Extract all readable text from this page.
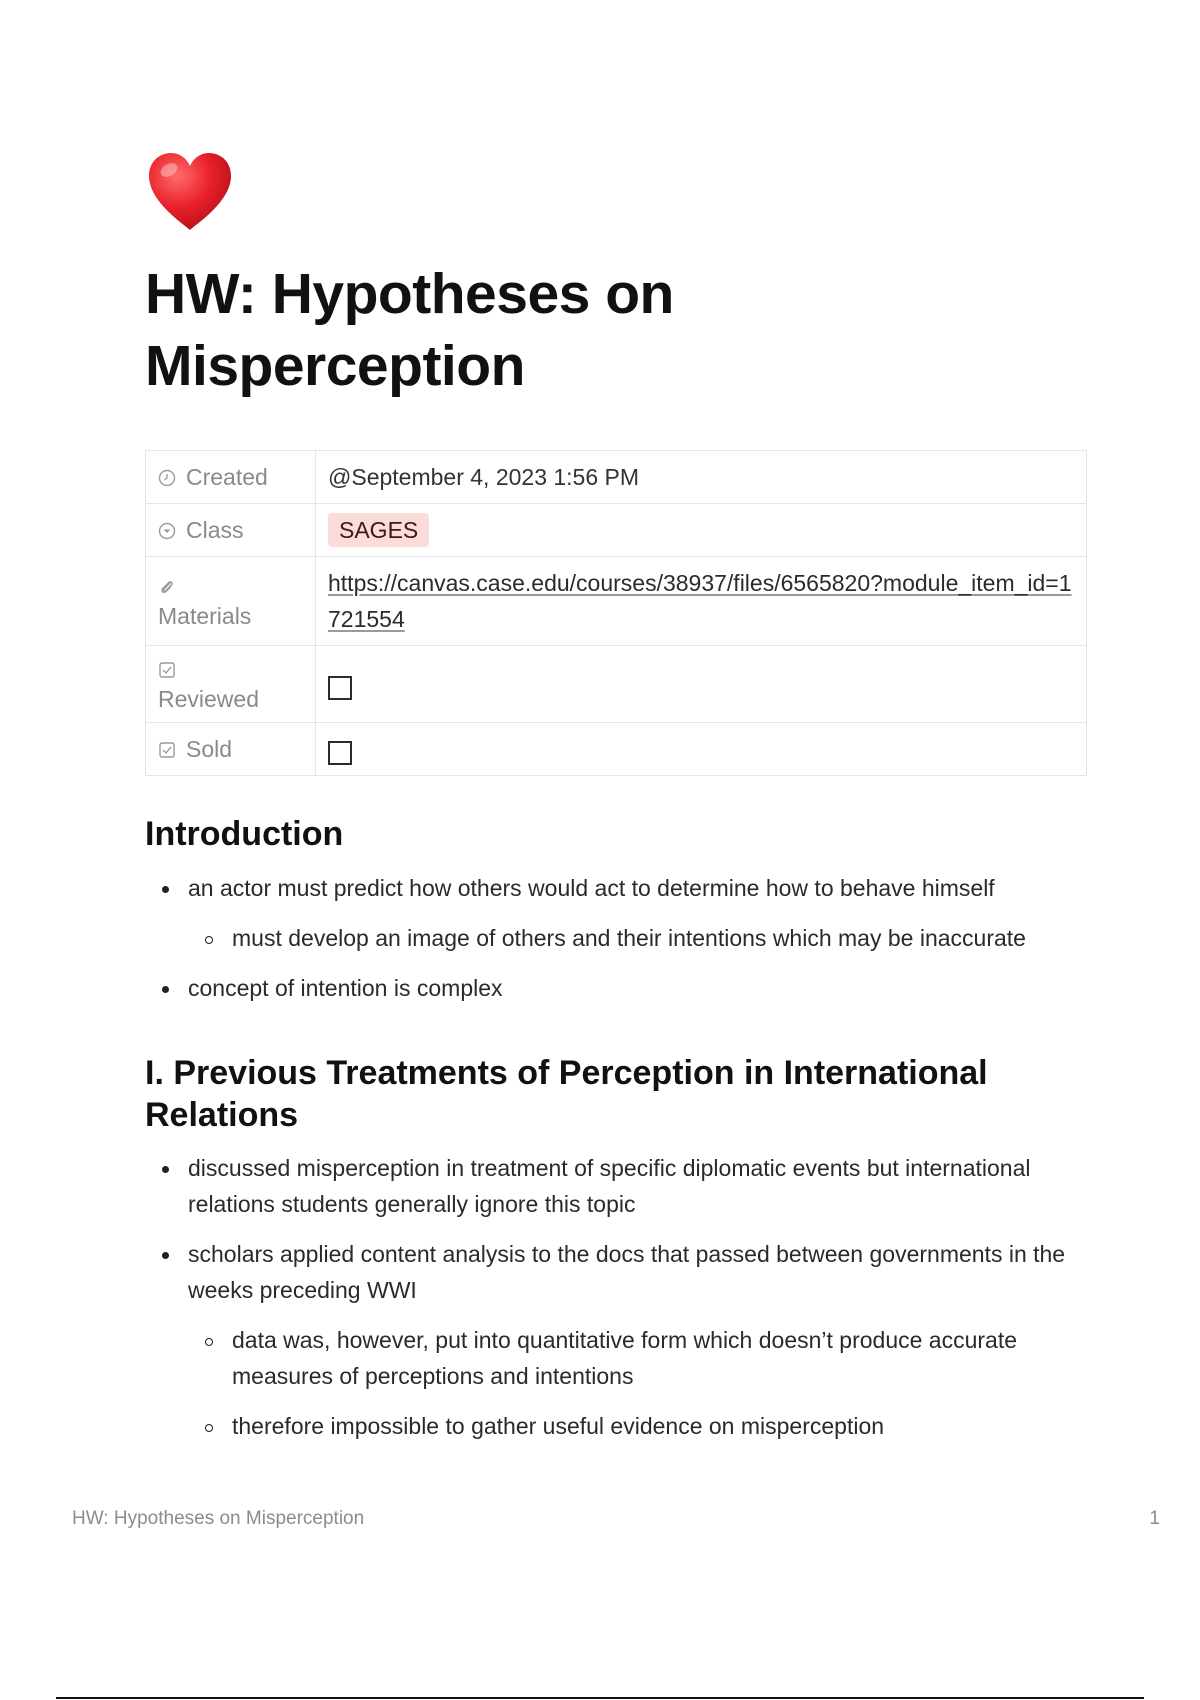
HW: Hypotheses on Misperception
Created	@September 4, 2023 1:56 PM
Class	SAGES

Materials	https://canvas.case.edu/courses/38937/files/6565820?module_item_id=1721554

Reviewed	
Sold	
Introduction
an actor must predict how others would act to determine how to behave himself
must develop an image of others and their intentions which may be inaccurate
concept of intention is complex
I. Previous Treatments of Perception in International Relations
discussed misperception in treatment of specific diplomatic events but international relations students generally ignore this topic
scholars applied content analysis to the docs that passed between governments in the weeks preceding WWI
data was, however, put into quantitative form which doesn’t produce accurate measures of perceptions and intentions
therefore impossible to gather useful evidence on misperception
HW: Hypotheses on Misperception	1
